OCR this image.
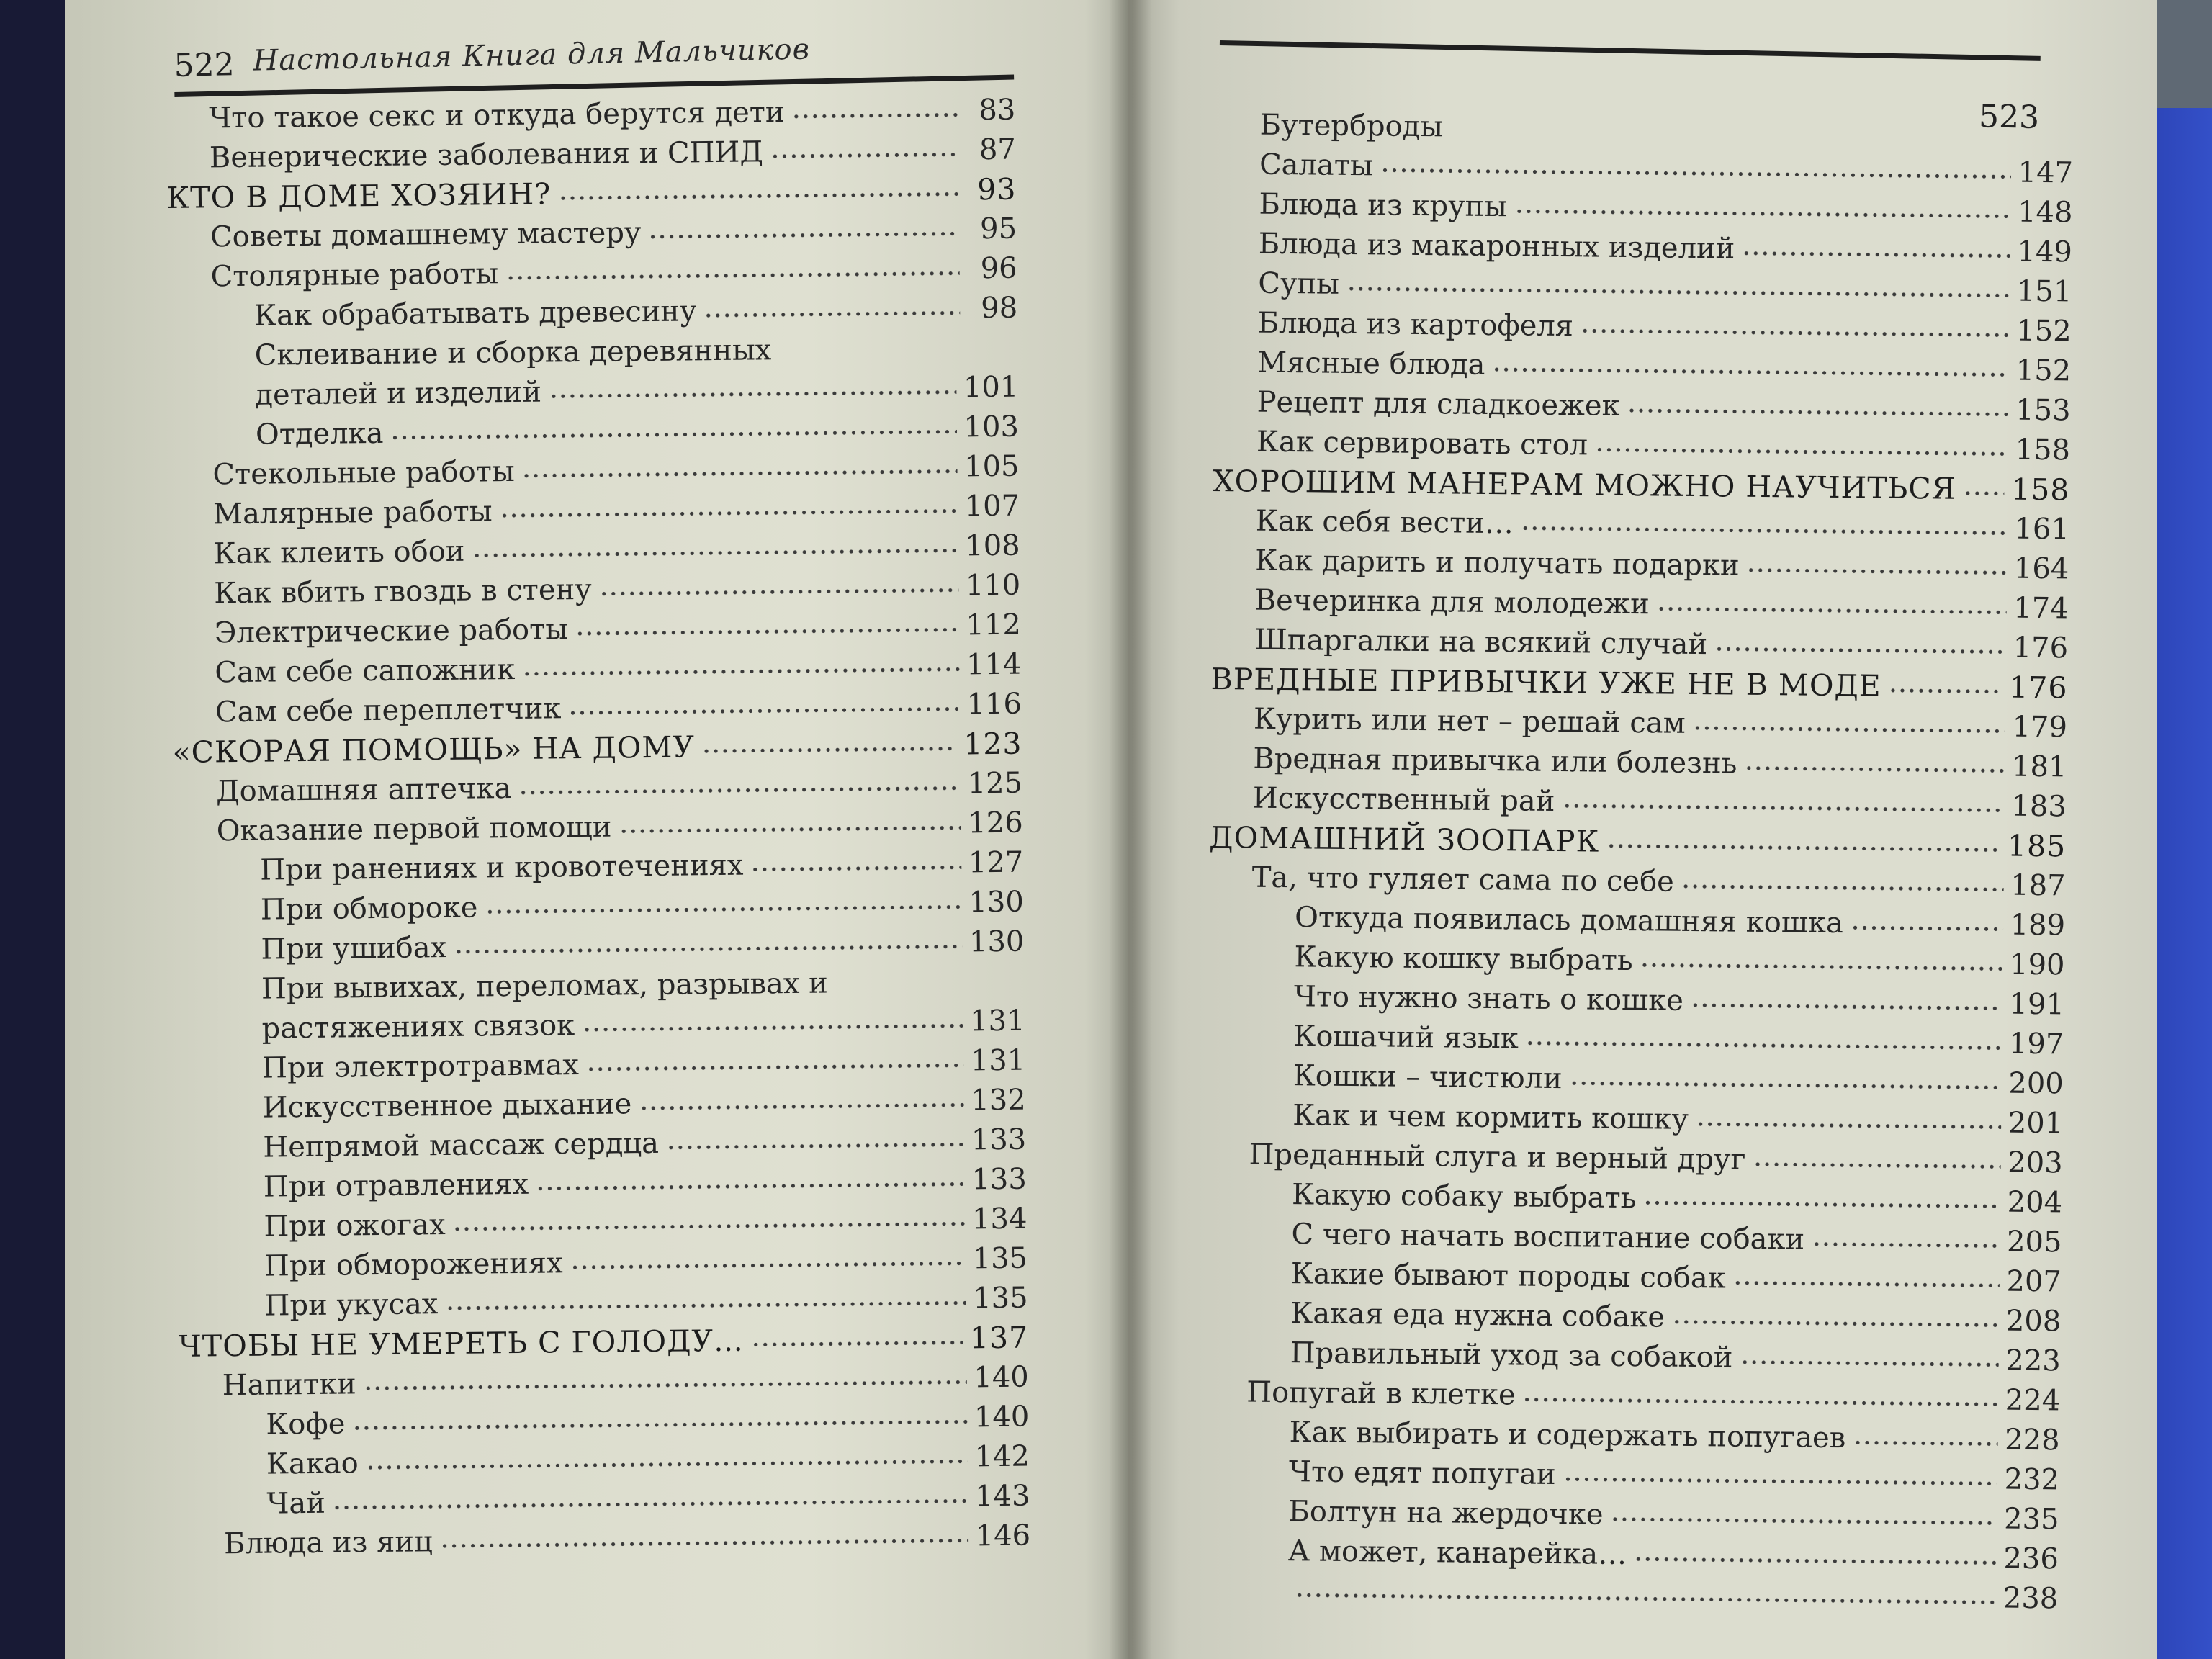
522 Настольная Книга для Мальчиков
523
Что такое секс и откуда берутся дети	83
Венерические заболевания и СПИД	87
КТО В ДОМЕ ХОЗЯИН?	93
Советы домашнему мастеру	95
Столярные работы	96
Как обрабатывать древесину	98
Склеивание и сборка деревянных
деталей и изделий	101
Отделка	103
Стекольные работы	105
Малярные работы	107
Как клеить обои	108
Как вбить гвоздь в стену	110
Электрические работы	112
Сам себе сапожник	114
Сам себе переплетчик	116
«СКОРАЯ ПОМОЩЬ» НА ДОМУ	123
Домашняя аптечка	125
Оказание первой помощи	126
При ранениях и кровотечениях	127
При обмороке	130
При ушибах	130
При вывихах, переломах, разрывах и
растяжениях связок	131
При электротравмах	131
Искусственное дыхание	132
Непрямой массаж сердца	133
При отравлениях	133
При ожогах	134
При обморожениях	135
При укусах	135
ЧТОБЫ НЕ УМЕРЕТЬ С ГОЛОДУ…	137
Напитки	140
Кофе	140
Какао	142
Чай	143
Блюда из яиц	146
Бутерброды
Салаты	147
Блюда из крупы	148
Блюда из макаронных изделий	149
Супы	151
Блюда из картофеля	152
Мясные блюда	152
Рецепт для сладкоежек	153
Как сервировать стол	158
ХОРОШИМ МАНЕРАМ МОЖНО НАУЧИТЬСЯ 158
Как себя вести…	161
Как дарить и получать подарки	164
Вечеринка для молодежи	174
Шпаргалки на всякий случай	176
ВРЕДНЫЕ ПРИВЫЧКИ УЖЕ НЕ В МОДЕ	176
Курить или нет – решай сам	179
Вредная привычка или болезнь	181
Искусственный рай	183
ДОМАШНИЙ ЗООПАРК	185
Та, что гуляет сама по себе	187
Откуда появилась домашняя кошка	189
Какую кошку выбрать	190
Что нужно знать о кошке	191
Кошачий язык	197
Кошки – чистюли	200
Как и чем кормить кошку	201
Преданный слуга и верный друг	203
Какую собаку выбрать	204
С чего начать воспитание собаки	205
Какие бывают породы собак	207
Какая еда нужна собаке	208
Правильный уход за собакой	223
Попугай в клетке	224
Как выбирать и содержать попугаев	228
Что едят попугаи	232
Болтун на жердочке	235
А может, канарейка…	236
238
